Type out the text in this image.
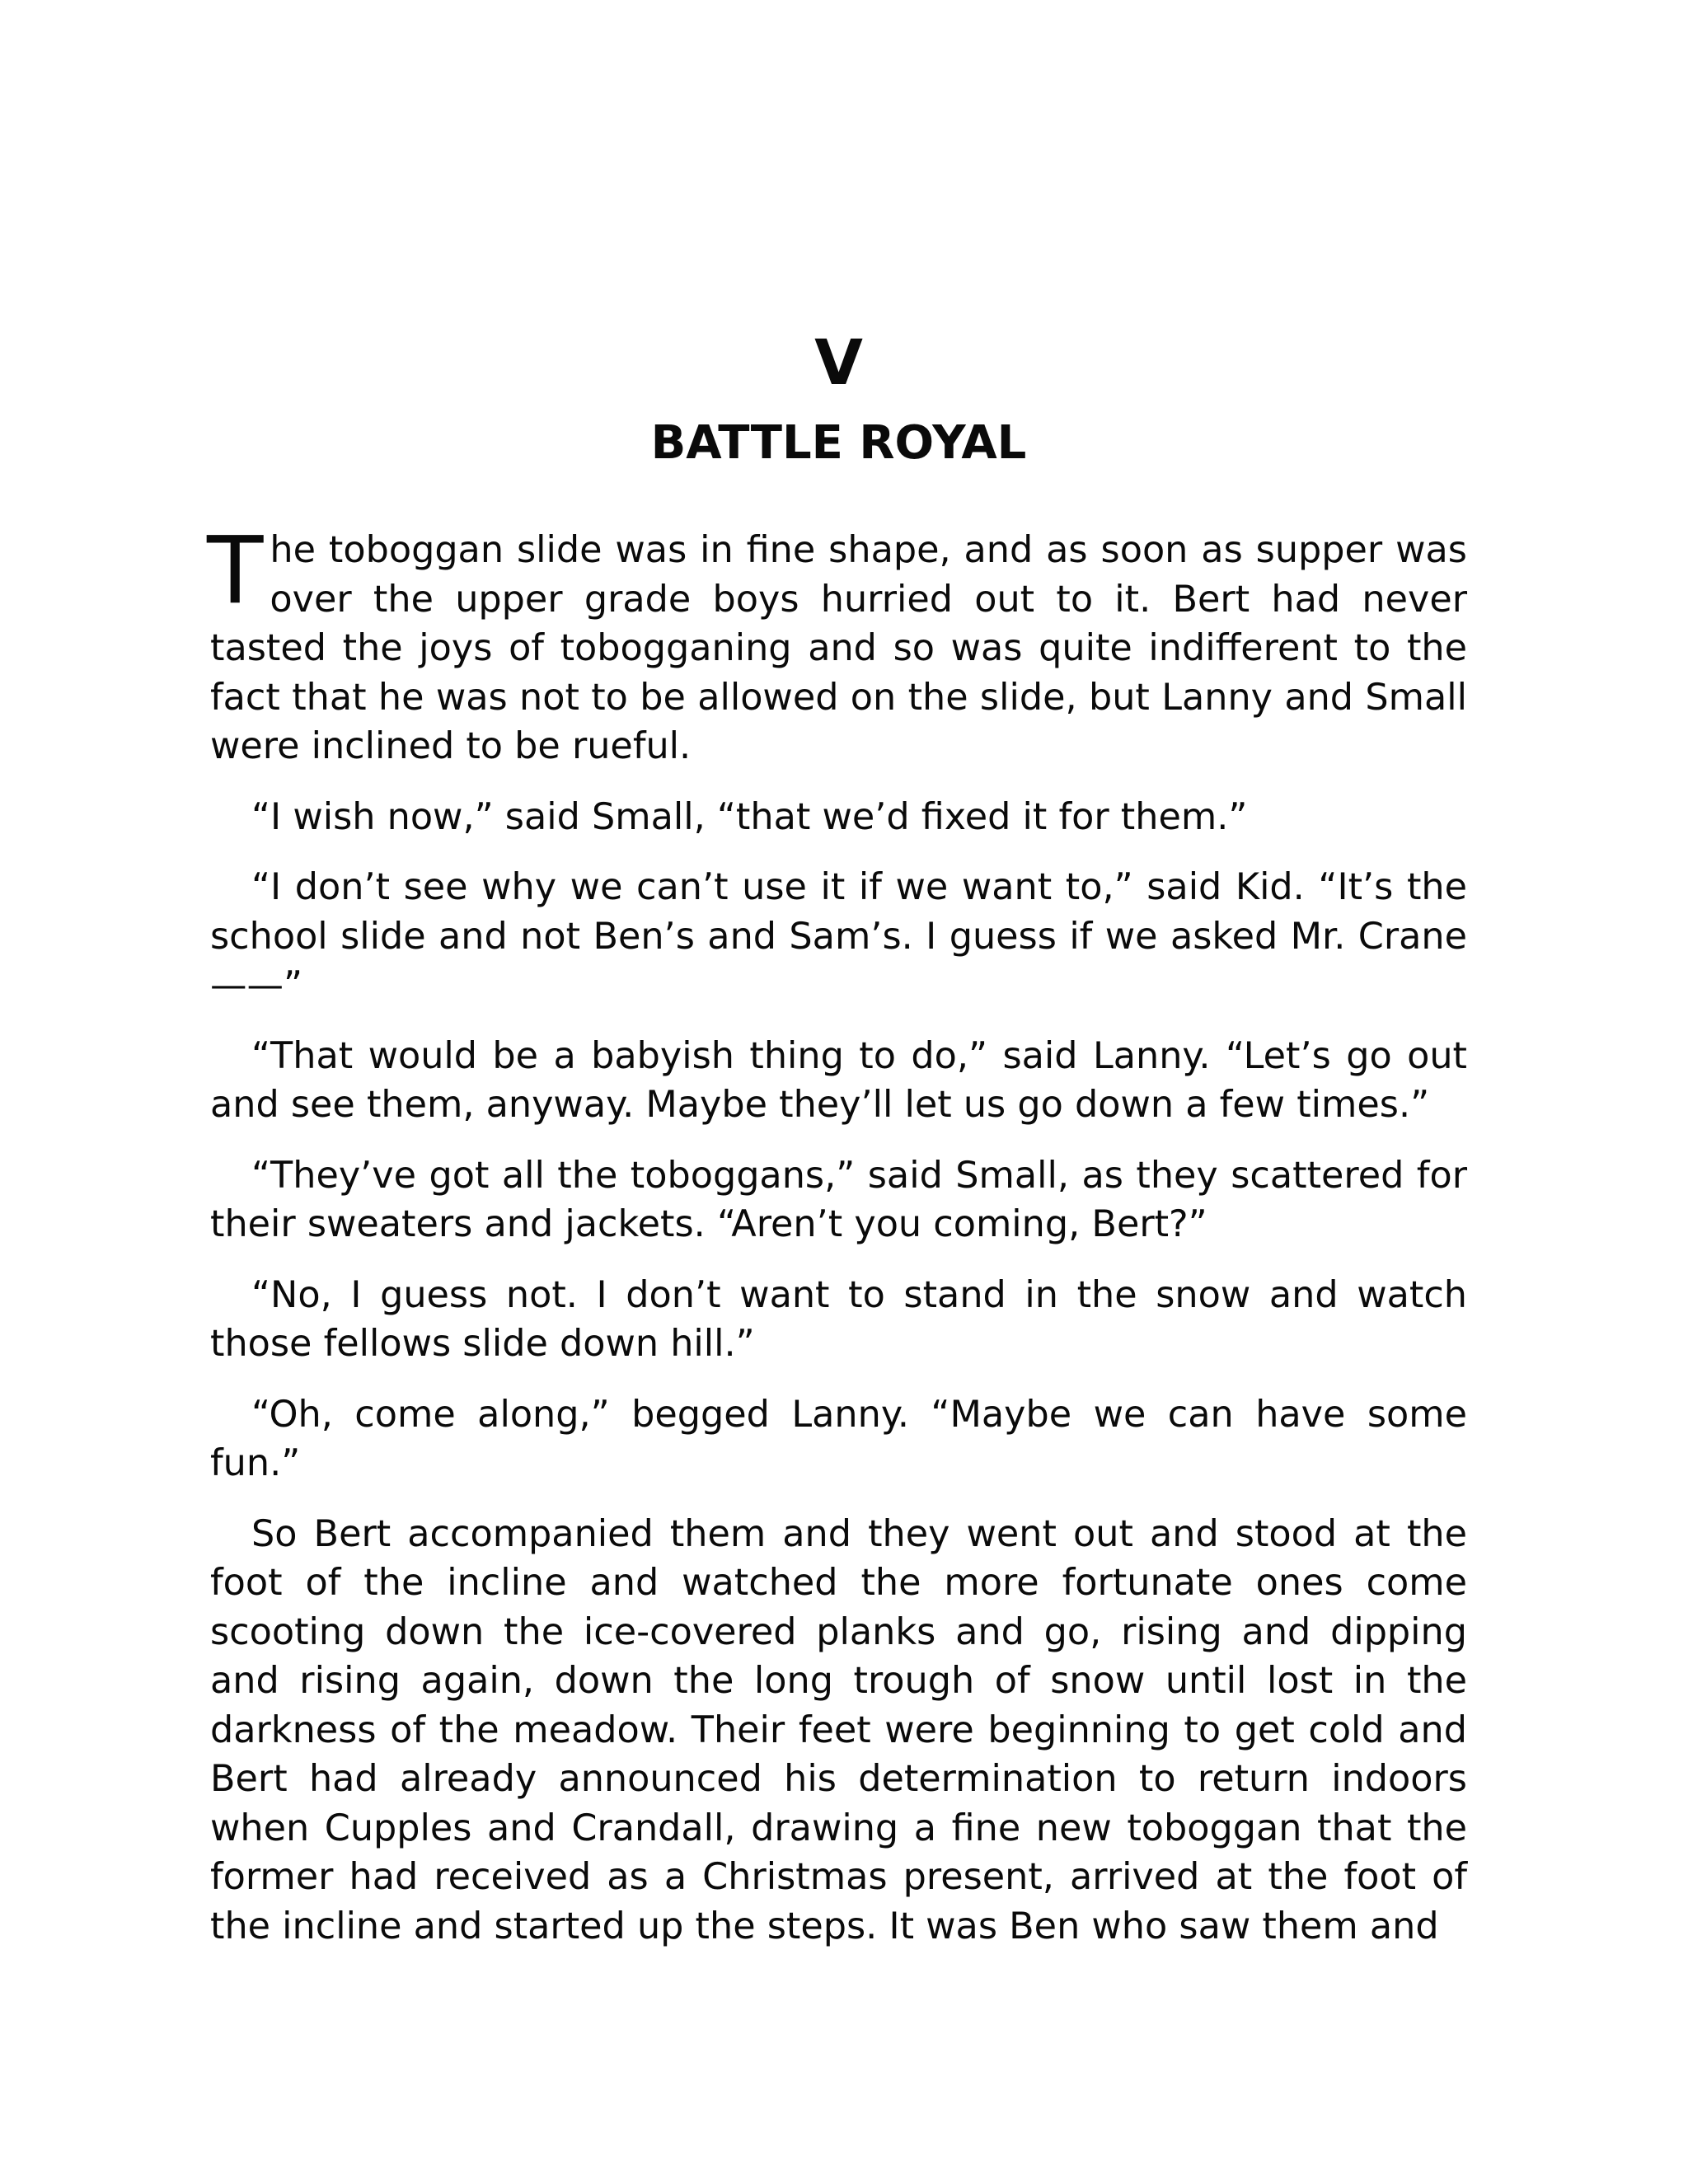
V
BATTLE ROYAL

The toboggan slide was in fine shape, and as soon as supper was over the upper grade boys hurried out to it. Bert had never tasted the joys of tobogganing and so was quite indifferent to the fact that he was not to be allowed on the slide, but Lanny and Small were inclined to be rueful.

“I wish now,” said Small, “that we’d fixed it for them.”

“I don’t see why we can’t use it if we want to,” said Kid. “It’s the school slide and not Ben’s and Sam’s. I guess if we asked Mr. Crane ——”

“That would be a babyish thing to do,” said Lanny. “Let’s go out and see them, anyway. Maybe they’ll let us go down a few times.”

“They’ve got all the toboggans,” said Small, as they scattered for their sweaters and jackets. “Aren’t you coming, Bert?”

“No, I guess not. I don’t want to stand in the snow and watch those fellows slide down hill.”

“Oh, come along,” begged Lanny. “Maybe we can have some fun.”

So Bert accompanied them and they went out and stood at the foot of the incline and watched the more fortunate ones come scooting down the ice-covered planks and go, rising and dipping and rising again, down the long trough of snow until lost in the darkness of the meadow. Their feet were beginning to get cold and Bert had already announced his determination to return indoors when Cupples and Crandall, drawing a fine new toboggan that the former had received as a Christmas present, arrived at the foot of the incline and started up the steps. It was Ben who saw them and
